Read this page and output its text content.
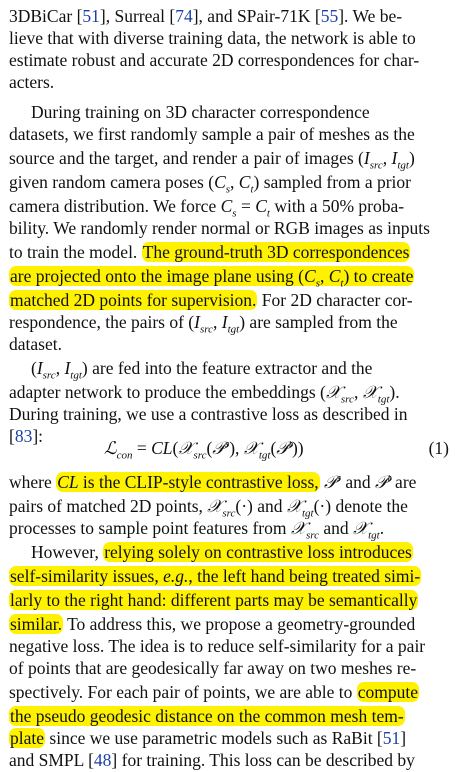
3DBiCar [51], Surreal [74], and SPair-71K [55]. We be-
lieve that with diverse training data, the network is able to
estimate robust and accurate 2D correspondences for char-
acters.
During training on 3D character correspondence
datasets, we first randomly sample a pair of meshes as the
source and the target, and render a pair of images ($I_{src}$, $I_{tgt}$)
given random camera poses ($C_s$, $C_t$) sampled from a prior
camera distribution. We force $C_s = C_t$ with a 50% proba-
bility. We randomly render normal or RGB images as inputs
to train the model. The ground-truth 3D correspondences
are projected onto the image plane using ($C_s$, $C_t$) to create
matched 2D points for supervision. For 2D character cor-
respondence, the pairs of ($I_{src}$, $I_{tgt}$) are sampled from the
dataset.
($I_{src}$, $I_{tgt}$) are fed into the feature extractor and the
adapter network to produce the embeddings (𝒳$_{src}$, 𝒳$_{tgt}$).
During training, we use a contrastive loss as described in
[83]:
ℒ$_{con}$ = CL(𝒳$_{src}$(𝒫$^s$), 𝒳$_{tgt}$(𝒫$^t$))	(1)
where CL is the CLIP-style contrastive loss, 𝒫$^s$ and 𝒫$^t$ are
pairs of matched 2D points, 𝒳$_{src}$(·) and 𝒳$_{tgt}$(·) denote the
processes to sample point features from 𝒳$_{src}$ and 𝒳$_{tgt}$.
However, relying solely on contrastive loss introduces
self-similarity issues, e.g., the left hand being treated simi-
larly to the right hand: different parts may be semantically
similar. To address this, we propose a geometry-grounded
negative loss. The idea is to reduce self-similarity for a pair
of points that are geodesically far away on two meshes re-
spectively. For each pair of points, we are able to compute
the pseudo geodesic distance on the common mesh tem-
plate since we use parametric models such as RaBit [51]
and SMPL [48] for training. This loss can be described by
